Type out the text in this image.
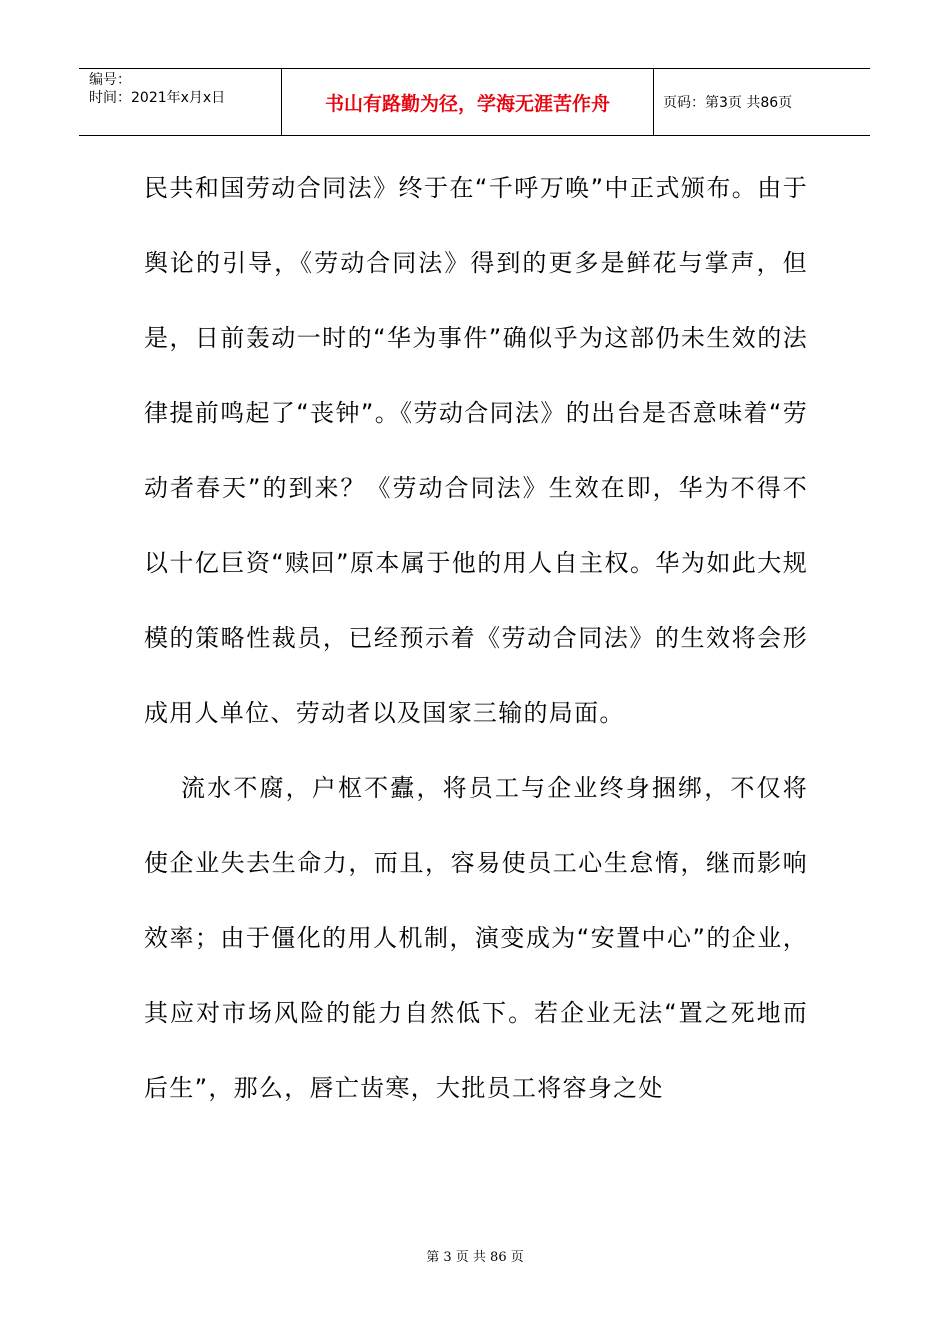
编号：
时间：2021年x月x日	书山有路勤为径，学海无涯苦作舟	页码：第3页 共86页

民共和国劳动合同法》终于在“千呼万唤”中正式颁布。由于舆论的引导，《劳动合同法》得到的更多是鲜花与掌声，但是，日前轰动一时的“华为事件”确似乎为这部仍未生效的法律提前鸣起了“丧钟”。《劳动合同法》的出台是否意味着“劳动者春天”的到来？《劳动合同法》生效在即，华为不得不以十亿巨资“赎回”原本属于他的用人自主权。华为如此大规模的策略性裁员，已经预示着《劳动合同法》的生效将会形成用人单位、劳动者以及国家三输的局面。

流水不腐，户枢不蠹，将员工与企业终身捆绑，不仅将使企业失去生命力，而且，容易使员工心生怠惰，继而影响效率；由于僵化的用人机制，演变成为“安置中心”的企业，其应对市场风险的能力自然低下。若企业无法“置之死地而后生”，那么，唇亡齿寒，大批员工将容身之处

第 3 页 共 86 页
